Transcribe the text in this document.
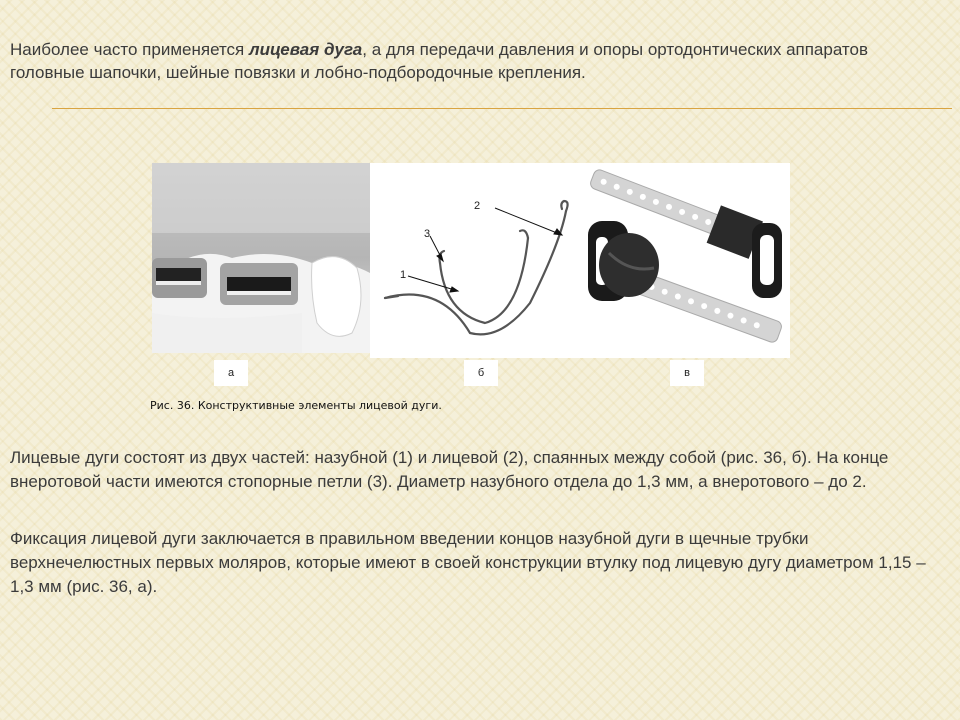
Наиболее часто применяется лицевая дуга, а для передачи давления и опоры ортодонтических аппаратов головные шапочки, шейные повязки и лобно-подбородочные крепления.
2
3
1
а	б	в
Рис. 36. Конструктивные элементы лицевой дуги.
Лицевые дуги состоят из двух частей: назубной (1) и лицевой (2), спаянных между собой (рис. 36, б). На конце внеротовой части имеются стопорные петли (3). Диаметр назубного отдела до 1,3 мм, а внеротового – до 2.
Фиксация лицевой дуги заключается в правильном введении концов назубной дуги в щечные трубки верхнечелюстных первых моляров, которые имеют в своей конструкции втулку под лицевую дугу диаметром 1,15 – 1,3 мм (рис. 36, а).
